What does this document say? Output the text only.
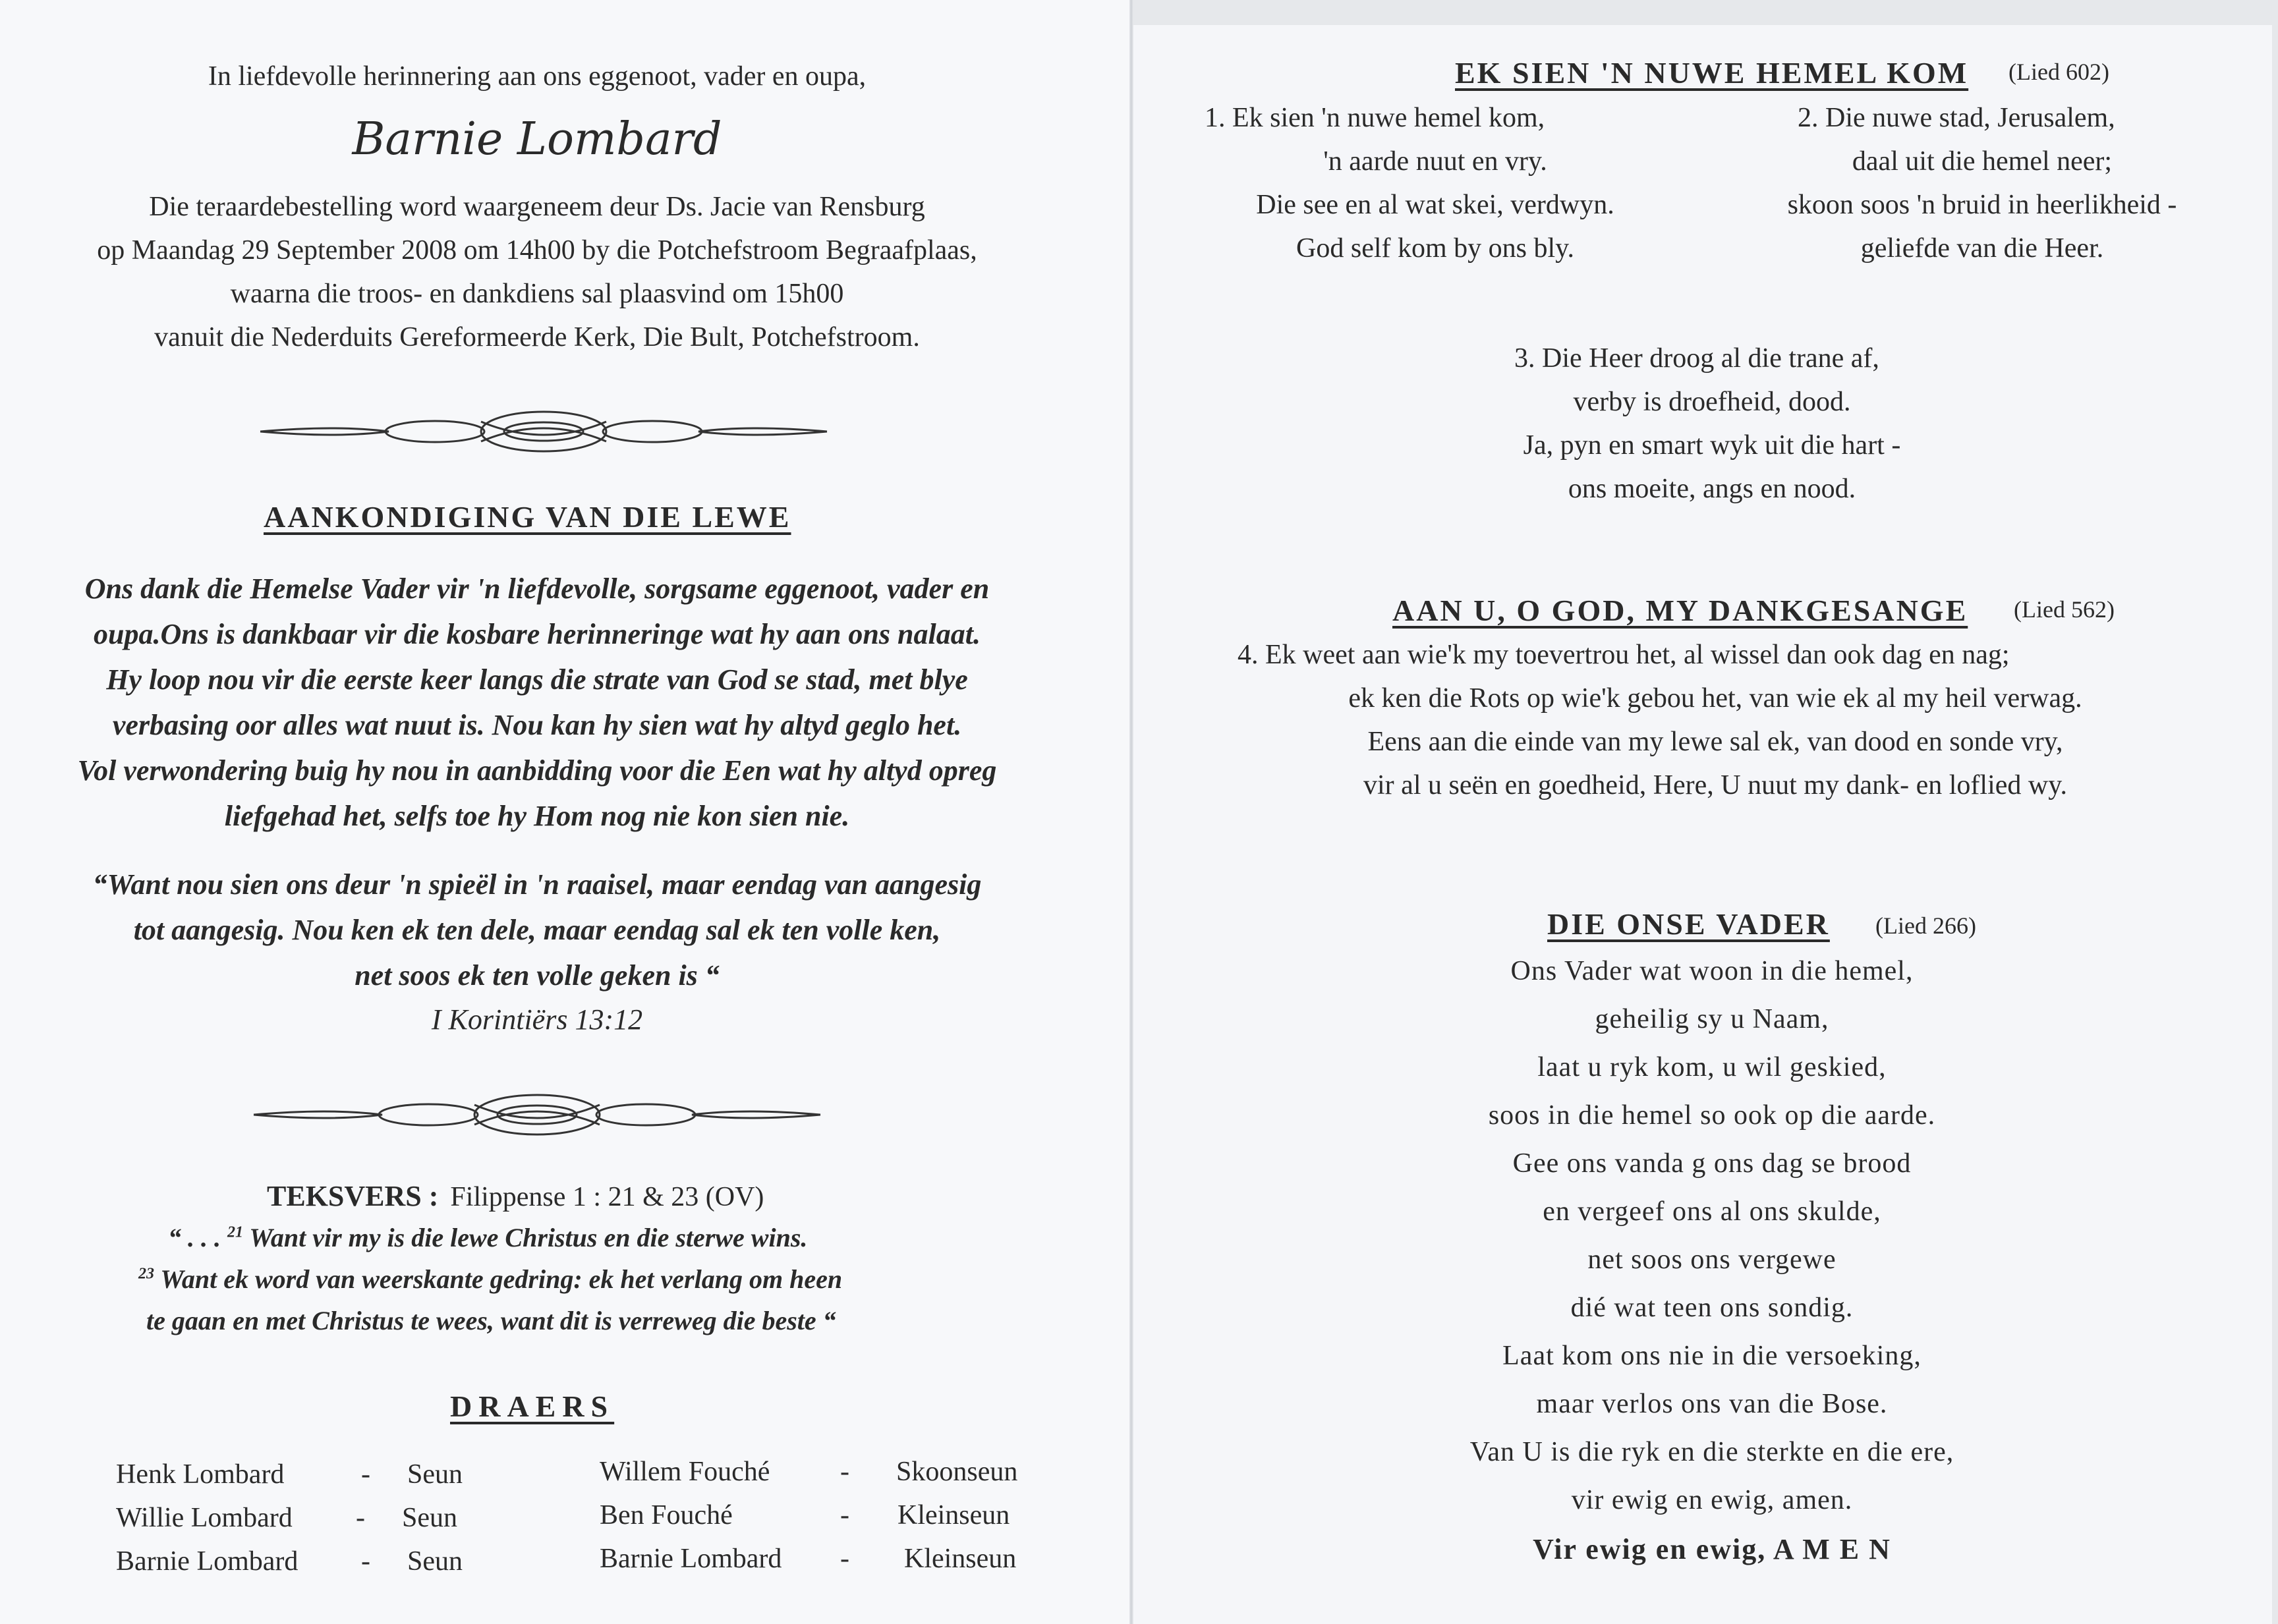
In liefdevolle herinnering aan ons eggenoot, vader en oupa,
Barnie Lombard
Die teraardebestelling word waargeneem deur Ds. Jacie van Rensburg
op Maandag 29 September 2008 om 14h00 by die Potchefstroom Begraafplaas,
waarna die troos- en dankdiens sal plaasvind om 15h00
vanuit die Nederduits Gereformeerde Kerk, Die Bult, Potchefstroom.
AANKONDIGING VAN DIE LEWE
Ons dank die Hemelse Vader vir 'n liefdevolle, sorgsame eggenoot, vader en
oupa.Ons is dankbaar vir die kosbare herinneringe wat hy aan ons nalaat.
Hy loop nou vir die eerste keer langs die strate van God se stad, met blye
verbasing oor alles wat nuut is. Nou kan hy sien wat hy altyd geglo het.
Vol verwondering buig hy nou in aanbidding voor die Een wat hy altyd opreg
liefgehad het, selfs toe hy Hom nog nie kon sien nie.
“Want nou sien ons deur 'n spieël in 'n raaisel, maar eendag van aangesig
tot aangesig. Nou ken ek ten dele, maar eendag sal ek ten volle ken,
net soos ek ten volle geken is “
I Korintiërs 13:12
TEKSVERS : Filippense 1 : 21 & 23 (OV)
“ . . . $^{21}$ Want vir my is die lewe Christus en die sterwe wins.
$^{23}$ Want ek word van weerskante gedring: ek het verlang om heen
te gaan en met Christus te wees, want dit is verreweg die beste “
DRAERS
Henk Lombard	- Seun
Willie Lombard - Seun
Barnie Lombard - Seun
Willem Fouché	- Skoonseun
Ben Fouché	- Kleinseun
Barnie Lombard - Kleinseun
EK SIEN 'N NUWE HEMEL KOM (Lied 602)
1. Ek sien 'n nuwe hemel kom,
'n aarde nuut en vry.
Die see en al wat skei, verdwyn.
God self kom by ons bly.
2. Die nuwe stad, Jerusalem,
daal uit die hemel neer;
skoon soos 'n bruid in heerlikheid -
geliefde van die Heer.
3. Die Heer droog al die trane af,
verby is droefheid, dood.
Ja, pyn en smart wyk uit die hart -
ons moeite, angs en nood.
AAN U, O GOD, MY DANKGESANGE (Lied 562)
4. Ek weet aan wie'k my toevertrou het, al wissel dan ook dag en nag;
ek ken die Rots op wie'k gebou het, van wie ek al my heil verwag.
Eens aan die einde van my lewe sal ek, van dood en sonde vry,
vir al u seën en goedheid, Here, U nuut my dank- en loflied wy.
DIE ONSE VADER (Lied 266)
Ons Vader wat woon in die hemel,
geheilig sy u Naam,
laat u ryk kom, u wil geskied,
soos in die hemel so ook op die aarde.
Gee ons vanda g ons dag se brood
en vergeef ons al ons skulde,
net soos ons vergewe
dié wat teen ons sondig.
Laat kom ons nie in die versoeking,
maar verlos ons van die Bose.
Van U is die ryk en die sterkte en die ere,
vir ewig en ewig, amen.
Vir ewig en ewig, A M E N
